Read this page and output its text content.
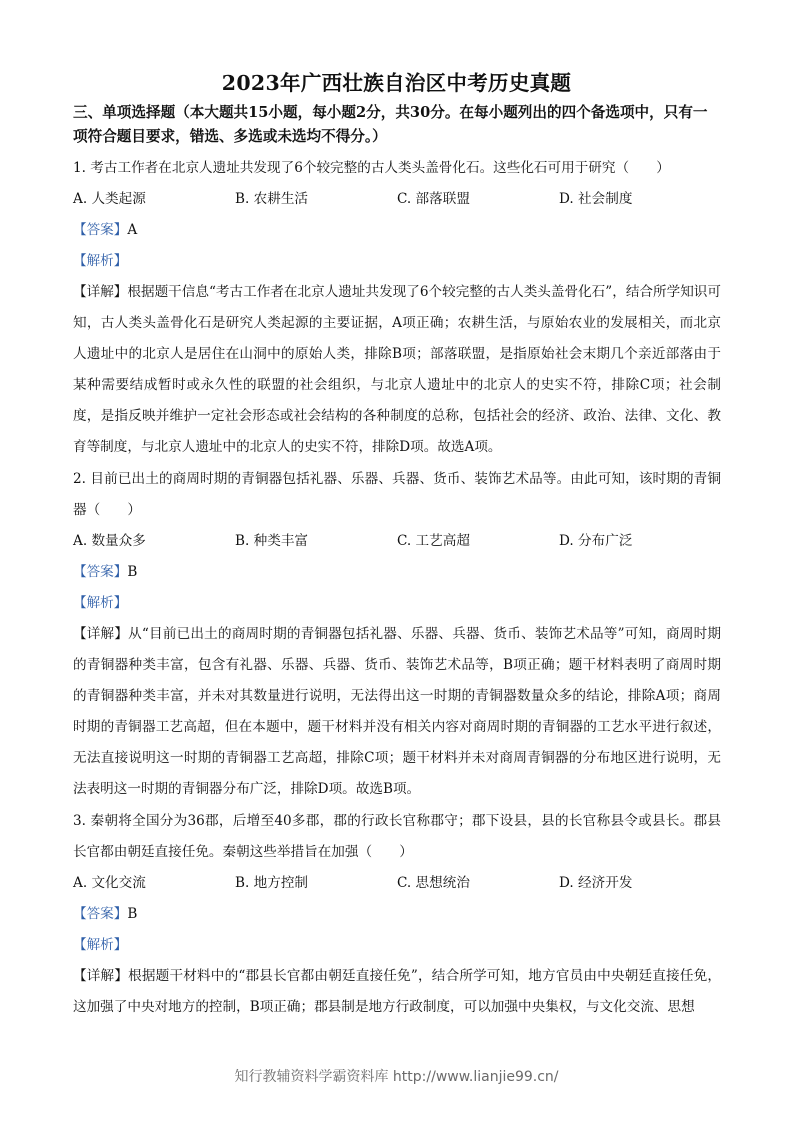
2023年广西壮族自治区中考历史真题
三、单项选择题（本大题共15小题，每小题2分，共30分。在每小题列出的四个备选项中，只有一项符合题目要求，错选、多选或未选均不得分。）
1. 考古工作者在北京人遗址共发现了6个较完整的古人类头盖骨化石。这些化石可用于研究（　　）
A. 人类起源	B. 农耕生活	C. 部落联盟	D. 社会制度
【答案】A
【解析】
【详解】根据题干信息“考古工作者在北京人遗址共发现了6个较完整的古人类头盖骨化石”，结合所学知识可知，古人类头盖骨化石是研究人类起源的主要证据，A项正确；农耕生活，与原始农业的发展相关，而北京人遗址中的北京人是居住在山洞中的原始人类，排除B项；部落联盟，是指原始社会末期几个亲近部落由于某种需要结成暂时或永久性的联盟的社会组织，与北京人遗址中的北京人的史实不符，排除C项；社会制度，是指反映并维护一定社会形态或社会结构的各种制度的总称，包括社会的经济、政治、法律、文化、教育等制度，与北京人遗址中的北京人的史实不符，排除D项。故选A项。
2. 目前已出土的商周时期的青铜器包括礼器、乐器、兵器、货币、装饰艺术品等。由此可知，该时期的青铜器（　　）
A. 数量众多	B. 种类丰富	C. 工艺高超	D. 分布广泛
【答案】B
【解析】
【详解】从“目前已出土的商周时期的青铜器包括礼器、乐器、兵器、货币、装饰艺术品等”可知，商周时期的青铜器种类丰富，包含有礼器、乐器、兵器、货币、装饰艺术品等，B项正确；题干材料表明了商周时期的青铜器种类丰富，并未对其数量进行说明，无法得出这一时期的青铜器数量众多的结论，排除A项；商周时期的青铜器工艺高超，但在本题中，题干材料并没有相关内容对商周时期的青铜器的工艺水平进行叙述，无法直接说明这一时期的青铜器工艺高超，排除C项；题干材料并未对商周青铜器的分布地区进行说明，无法表明这一时期的青铜器分布广泛，排除D项。故选B项。
3. 秦朝将全国分为36郡，后增至40多郡，郡的行政长官称郡守；郡下设县，县的长官称县令或县长。郡县长官都由朝廷直接任免。秦朝这些举措旨在加强（　　）
A. 文化交流	B. 地方控制	C. 思想统治	D. 经济开发
【答案】B
【解析】
【详解】根据题干材料中的“郡县长官都由朝廷直接任免”，结合所学可知，地方官员由中央朝廷直接任免，这加强了中央对地方的控制，B项正确；郡县制是地方行政制度，可以加强中央集权，与文化交流、思想
知行教辅资料学霸资料库 http://www.lianjie99.cn/
